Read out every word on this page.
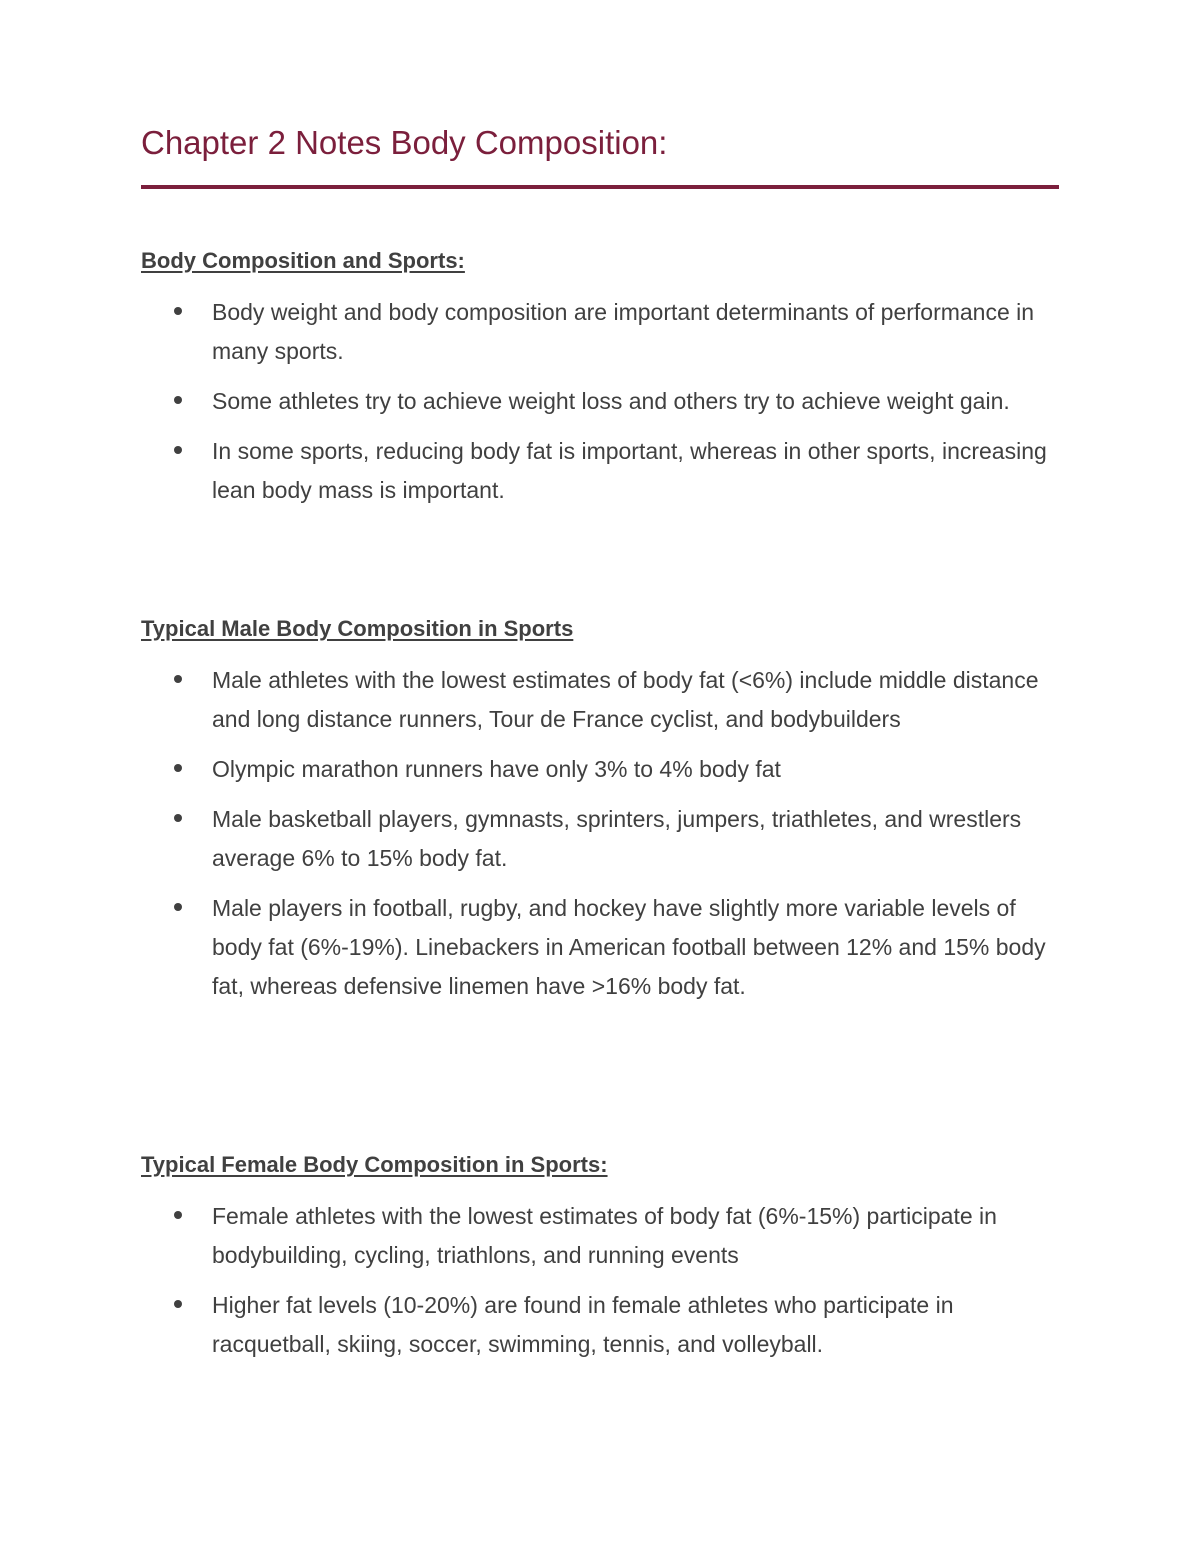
Chapter 2 Notes Body Composition:
Body Composition and Sports:
Body weight and body composition are important determinants of performance in many sports.
Some athletes try to achieve weight loss and others try to achieve weight gain.
In some sports, reducing body fat is important, whereas in other sports, increasing lean body mass is important.
Typical Male Body Composition in Sports
Male athletes with the lowest estimates of body fat (<6%) include middle distance and long distance runners, Tour de France cyclist, and bodybuilders
Olympic marathon runners have only 3% to 4% body fat
Male basketball players, gymnasts, sprinters, jumpers, triathletes, and wrestlers average 6% to 15% body fat.
Male players in football, rugby, and hockey have slightly more variable levels of body fat (6%-19%). Linebackers in American football between 12% and 15% body fat, whereas defensive linemen have >16% body fat.
Typical Female Body Composition in Sports:
Female athletes with the lowest estimates of body fat (6%-15%) participate in bodybuilding, cycling, triathlons, and running events
Higher fat levels (10-20%) are found in female athletes who participate in racquetball, skiing, soccer, swimming, tennis, and volleyball.
